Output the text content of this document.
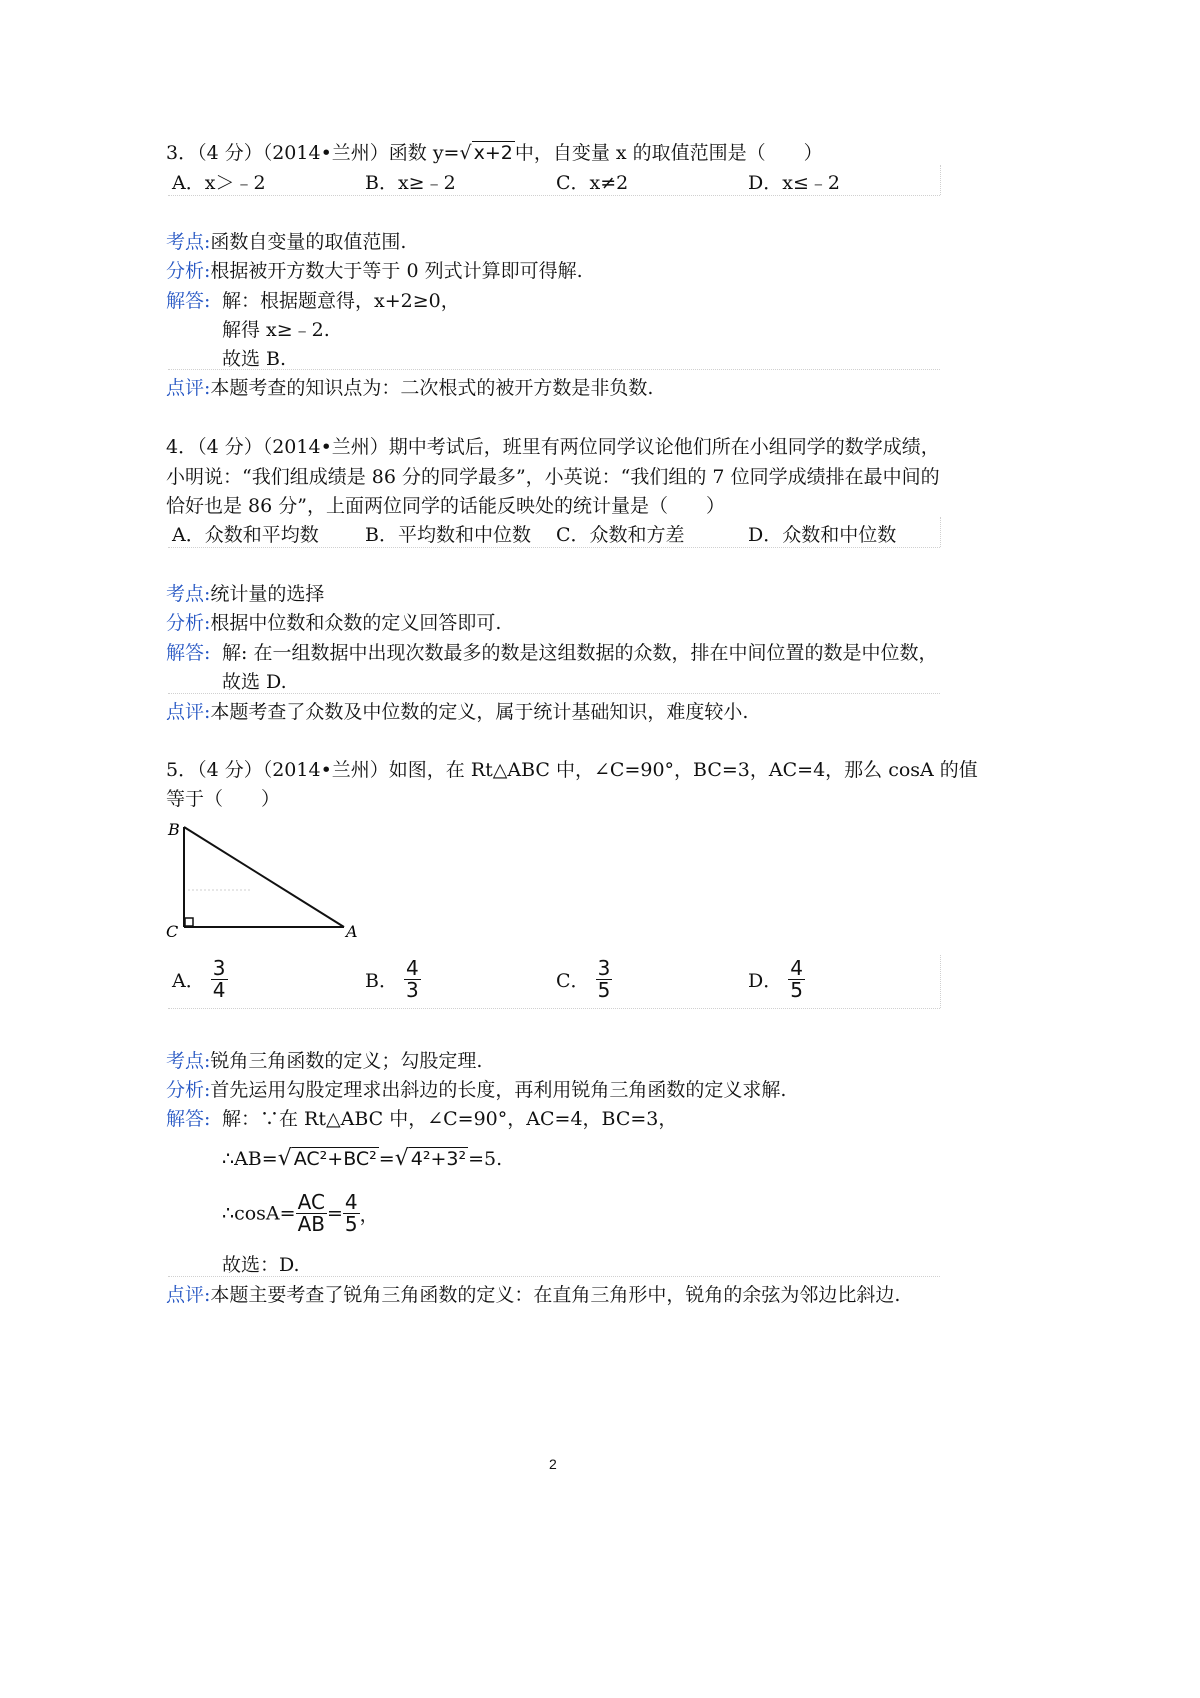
3．（4 分）（2014•兰州）函数 y=√ x+2 中，自变量 x 的取值范围是（　　）
A．x＞﹣2	B．x≥﹣2	C．x≠2	D．x≤﹣2
考点:函数自变量的取值范围.
分析:根据被开方数大于等于 0 列式计算即可得解.
解答: 解：根据题意得，x+2≥0，
解得 x≥﹣2.
故选 B.
点评:本题考查的知识点为：二次根式的被开方数是非负数.
4．（4 分）（2014•兰州）期中考试后，班里有两位同学议论他们所在小组同学的数学成绩，
小明说：“我们组成绩是 86 分的同学最多”，小英说：“我们组的 7 位同学成绩排在最中间的
恰好也是 86 分”，上面两位同学的话能反映处的统计量是（　　）
A．众数和平均数 B．平均数和中位数 C．众数和方差	D．众数和中位数
考点:统计量的选择
分析:根据中位数和众数的定义回答即可.
解答: 解: 在一组数据中出现次数最多的数是这组数据的众数，排在中间位置的数是中位数，
故选 D.
点评:本题考查了众数及中位数的定义，属于统计基础知识，难度较小.
5．（4 分）（2014•兰州）如图，在 Rt△ABC 中，∠C=90°，BC=3，AC=4，那么 cosA 的值
等于（　　）
B
C	A
A． $\frac{3}{4}$	B． $\frac{4}{3}$	C． $\frac{3}{5}$	D． $\frac{4}{5}$
考点:锐角三角函数的定义；勾股定理.
分析:首先运用勾股定理求出斜边的长度，再利用锐角三角函数的定义求解.
解答: 解：∵在 Rt△ABC 中，∠C=90°，AC=4，BC=3，
∴AB=√ AC²+BC² =√ 4²+3² =5.
∴cosA= $\frac{AC}{AB} = \frac{4}{5}$ ，
故选：D.
点评:本题主要考查了锐角三角函数的定义：在直角三角形中，锐角的余弦为邻边比斜边.
2
